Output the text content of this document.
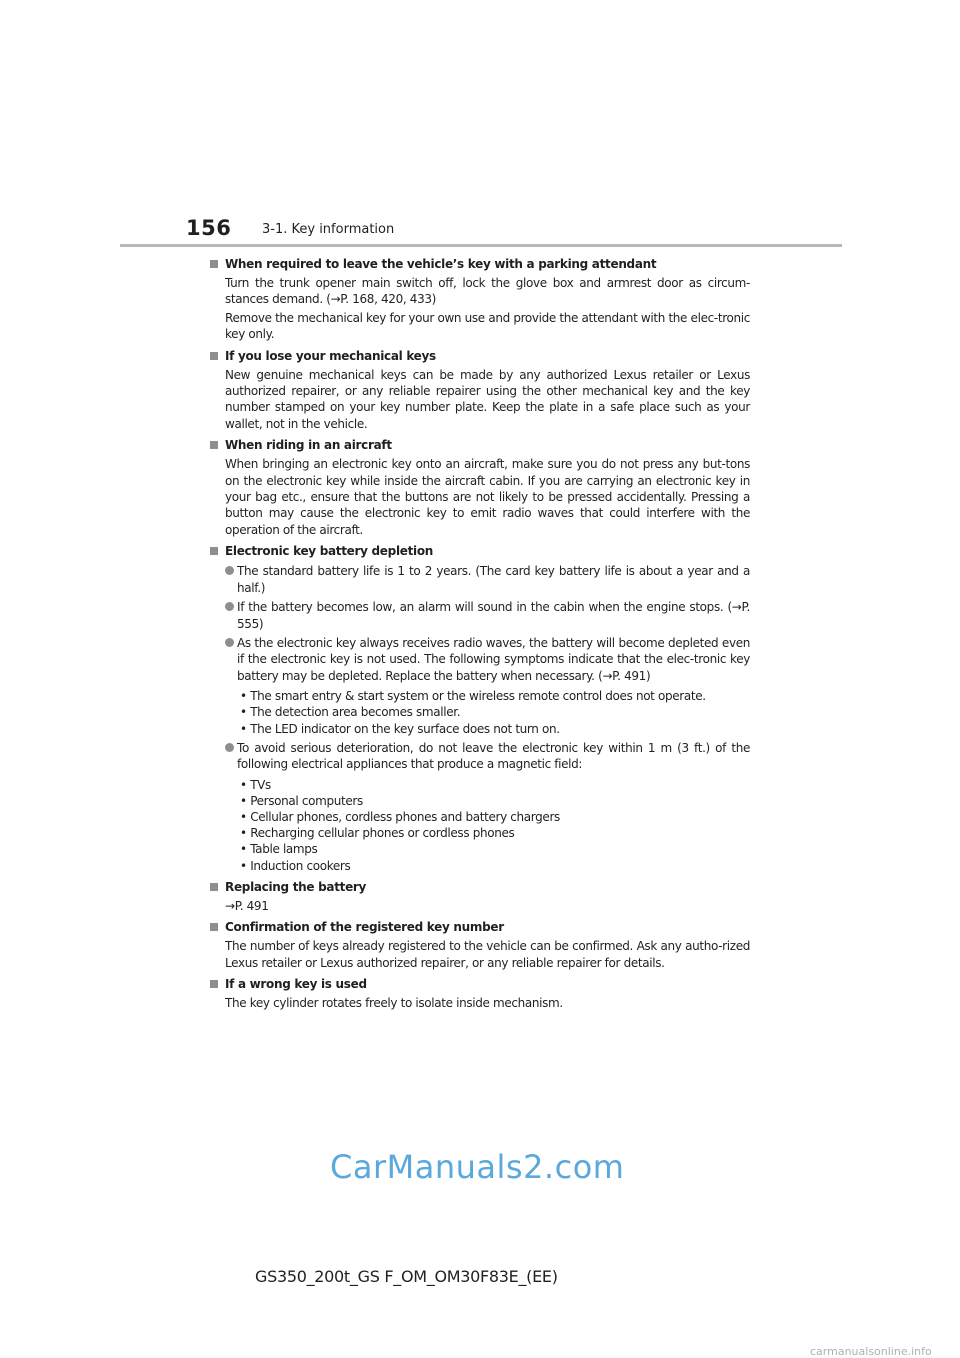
156 3-1. Key information
When required to leave the vehicle’s key with a parking attendant
Turn the trunk opener main switch off, lock the glove box and armrest door as circum-stances demand. (→P. 168, 420, 433)
Remove the mechanical key for your own use and provide the attendant with the elec-tronic key only.
If you lose your mechanical keys
New genuine mechanical keys can be made by any authorized Lexus retailer or Lexus authorized repairer, or any reliable repairer using the other mechanical key and the key number stamped on your key number plate. Keep the plate in a safe place such as your wallet, not in the vehicle.
When riding in an aircraft
When bringing an electronic key onto an aircraft, make sure you do not press any but-tons on the electronic key while inside the aircraft cabin. If you are carrying an electronic key in your bag etc., ensure that the buttons are not likely to be pressed accidentally. Pressing a button may cause the electronic key to emit radio waves that could interfere with the operation of the aircraft.
Electronic key battery depletion
The standard battery life is 1 to 2 years. (The card key battery life is about a year and a half.)
If the battery becomes low, an alarm will sound in the cabin when the engine stops. (→P. 555)
As the electronic key always receives radio waves, the battery will become depleted even if the electronic key is not used. The following symptoms indicate that the elec-tronic key battery may be depleted. Replace the battery when necessary. (→P. 491)
• The smart entry & start system or the wireless remote control does not operate.
• The detection area becomes smaller.
• The LED indicator on the key surface does not turn on.
To avoid serious deterioration, do not leave the electronic key within 1 m (3 ft.) of the following electrical appliances that produce a magnetic field:
• TVs
• Personal computers
• Cellular phones, cordless phones and battery chargers
• Recharging cellular phones or cordless phones
• Table lamps
• Induction cookers
Replacing the battery
→P. 491
Confirmation of the registered key number
The number of keys already registered to the vehicle can be confirmed. Ask any autho-rized Lexus retailer or Lexus authorized repairer, or any reliable repairer for details.
If a wrong key is used
The key cylinder rotates freely to isolate inside mechanism.
CarManuals2.com
GS350_200t_GS F_OM_OM30F83E_(EE)
carmanualsonline.info
